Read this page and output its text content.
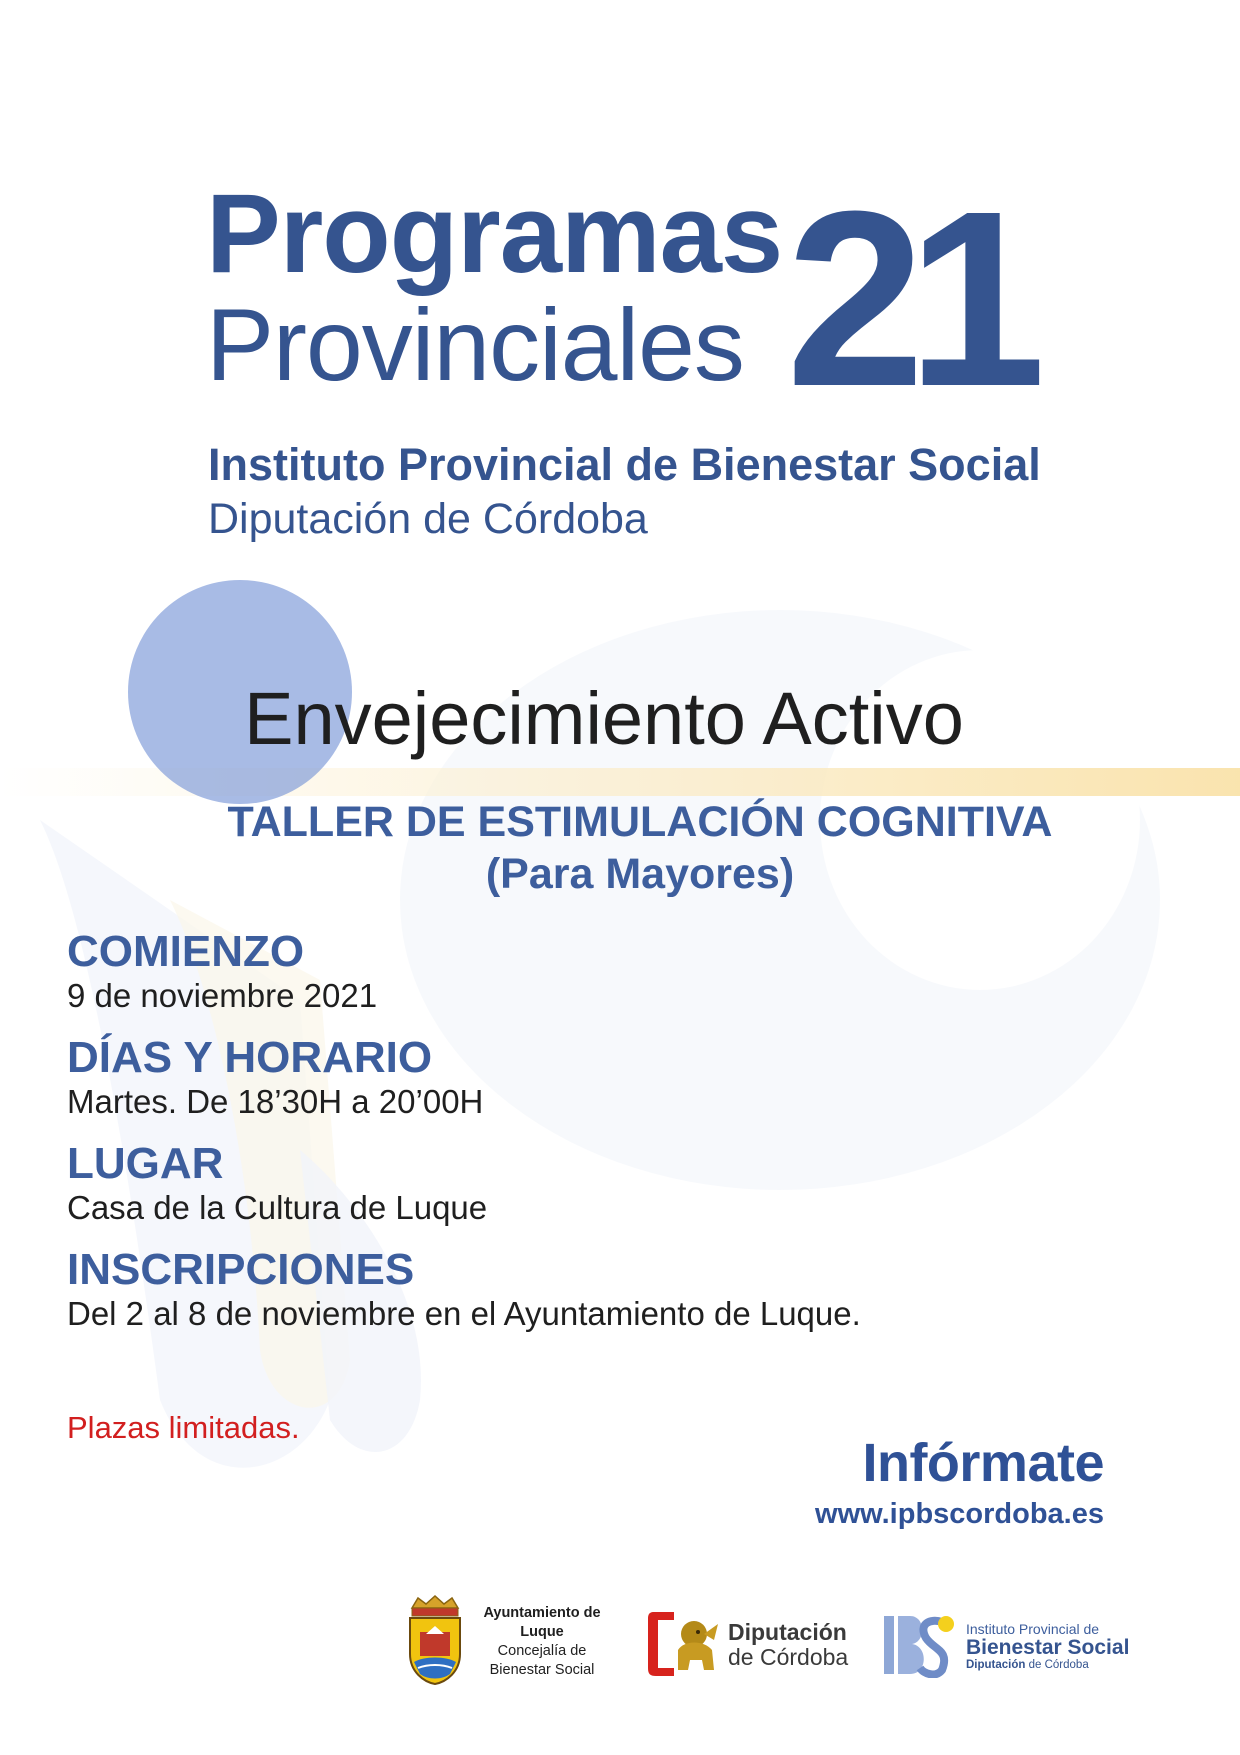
Programas
Provinciales 21
Instituto Provincial de Bienestar Social
Diputación de Córdoba
Envejecimiento Activo
TALLER DE ESTIMULACIÓN COGNITIVA
(Para Mayores)
COMIENZO
9 de noviembre 2021
DÍAS Y HORARIO
Martes. De 18’30H a 20’00H
LUGAR
Casa de la Cultura de Luque
INSCRIPCIONES
Del 2 al 8 de noviembre en el Ayuntamiento de Luque.
Plazas limitadas.
Infórmate
www.ipbscordoba.es
Ayuntamiento de
Luque
Concejalía de
Bienestar Social
Diputación
de Córdoba
Instituto Provincial de
Bienestar Social
Diputación de Córdoba
